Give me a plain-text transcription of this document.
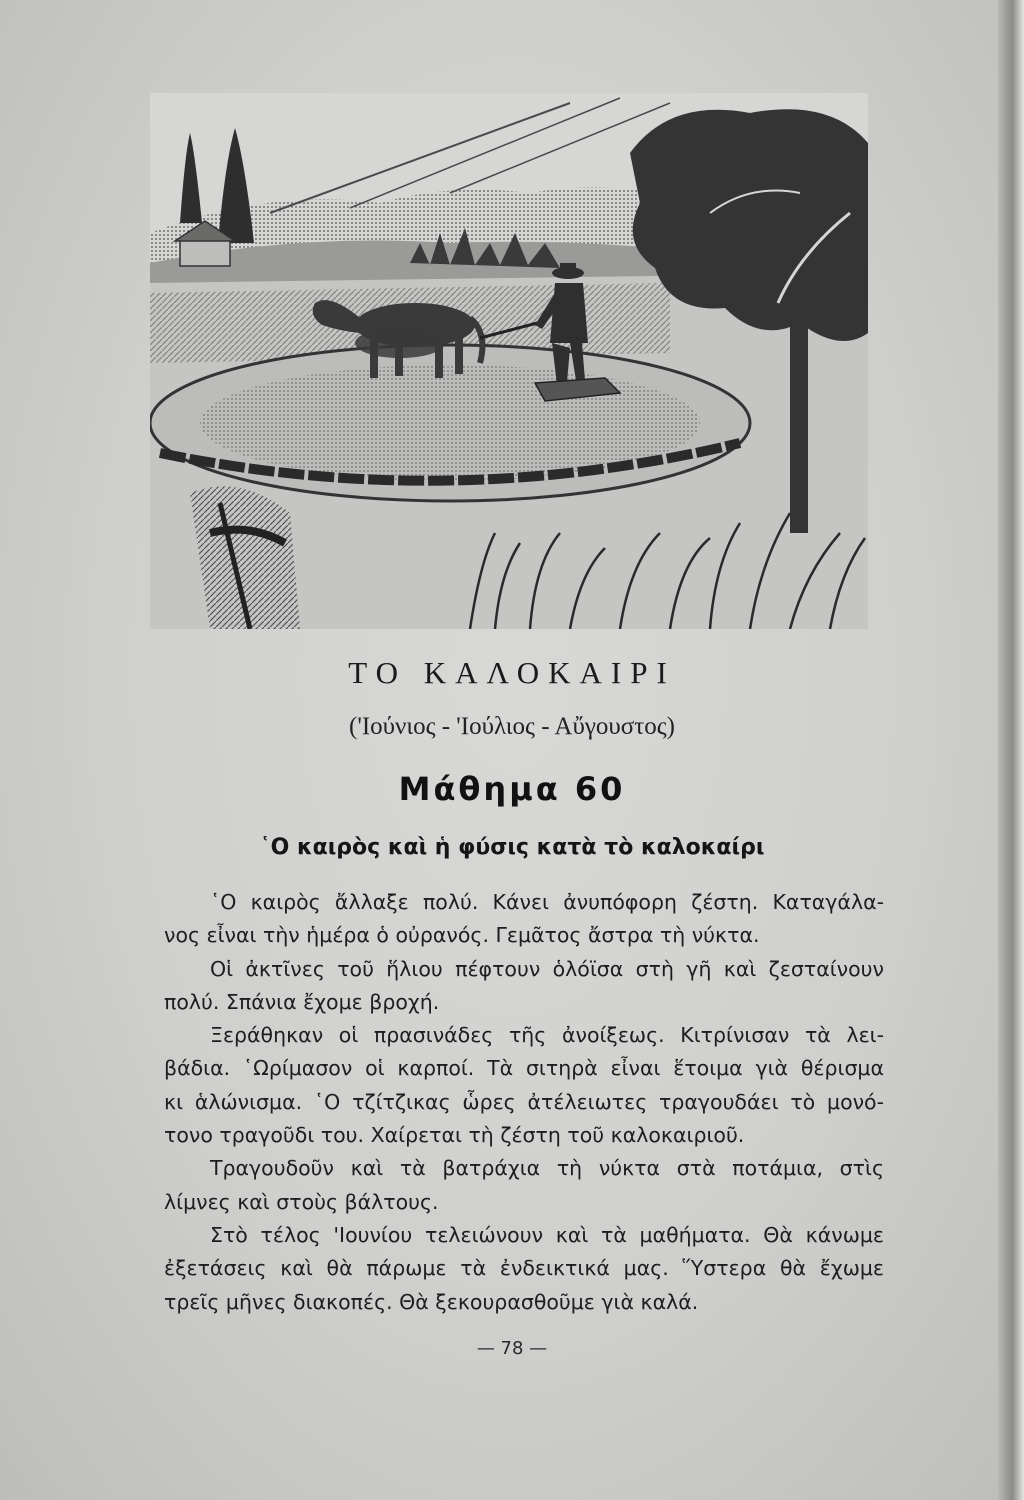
ΤΟ ΚΑΛΟΚΑΙΡΙ
('Ιούνιος - 'Ιούλιος - Αὔγουστος)
Μάθημα 60
῾Ο καιρὸς καὶ ἡ φύσις κατὰ τὸ καλοκαίρι
῾Ο καιρὸς ἄλλαξε πολύ. Κάνει ἀνυπόφορη ζέστη. Καταγάλα-
νος εἶναι τὴν ἡμέρα ὁ οὐρανός. Γεμᾶτος ἄστρα τὴ νύκτα.
Οἱ ἀκτῖνες τοῦ ἥλιου πέφτουν ὁλόϊσα στὴ γῆ καὶ ζεσταίνουν
πολύ. Σπάνια ἔχομε βροχή.
Ξεράθηκαν οἱ πρασινάδες τῆς ἀνοίξεως. Κιτρίνισαν τὰ λει-
βάδια. ῾Ωρίμασον οἱ καρποί. Τὰ σιτηρὰ εἶναι ἕτοιμα γιὰ θέρισμα
κι ἁλώνισμα. ῾Ο τζίτζικας ὧρες ἀτέλειωτες τραγουδάει τὸ μονό-
τονο τραγοῦδι του. Χαίρεται τὴ ζέστη τοῦ καλοκαιριοῦ.
Τραγουδοῦν καὶ τὰ βατράχια τὴ νύκτα στὰ ποτάμια, στὶς
λίμνες καὶ στοὺς βάλτους.
Στὸ τέλος 'Ιουνίου τελειώνουν καὶ τὰ μαθήματα. Θὰ κάνωμε
ἐξετάσεις καὶ θὰ πάρωμε τὰ ἐνδεικτικά μας. Ὕστερα θὰ ἔχωμε
τρεῖς μῆνες διακοπές. Θὰ ξεκουρασθοῦμε γιὰ καλά.
— 78 —
